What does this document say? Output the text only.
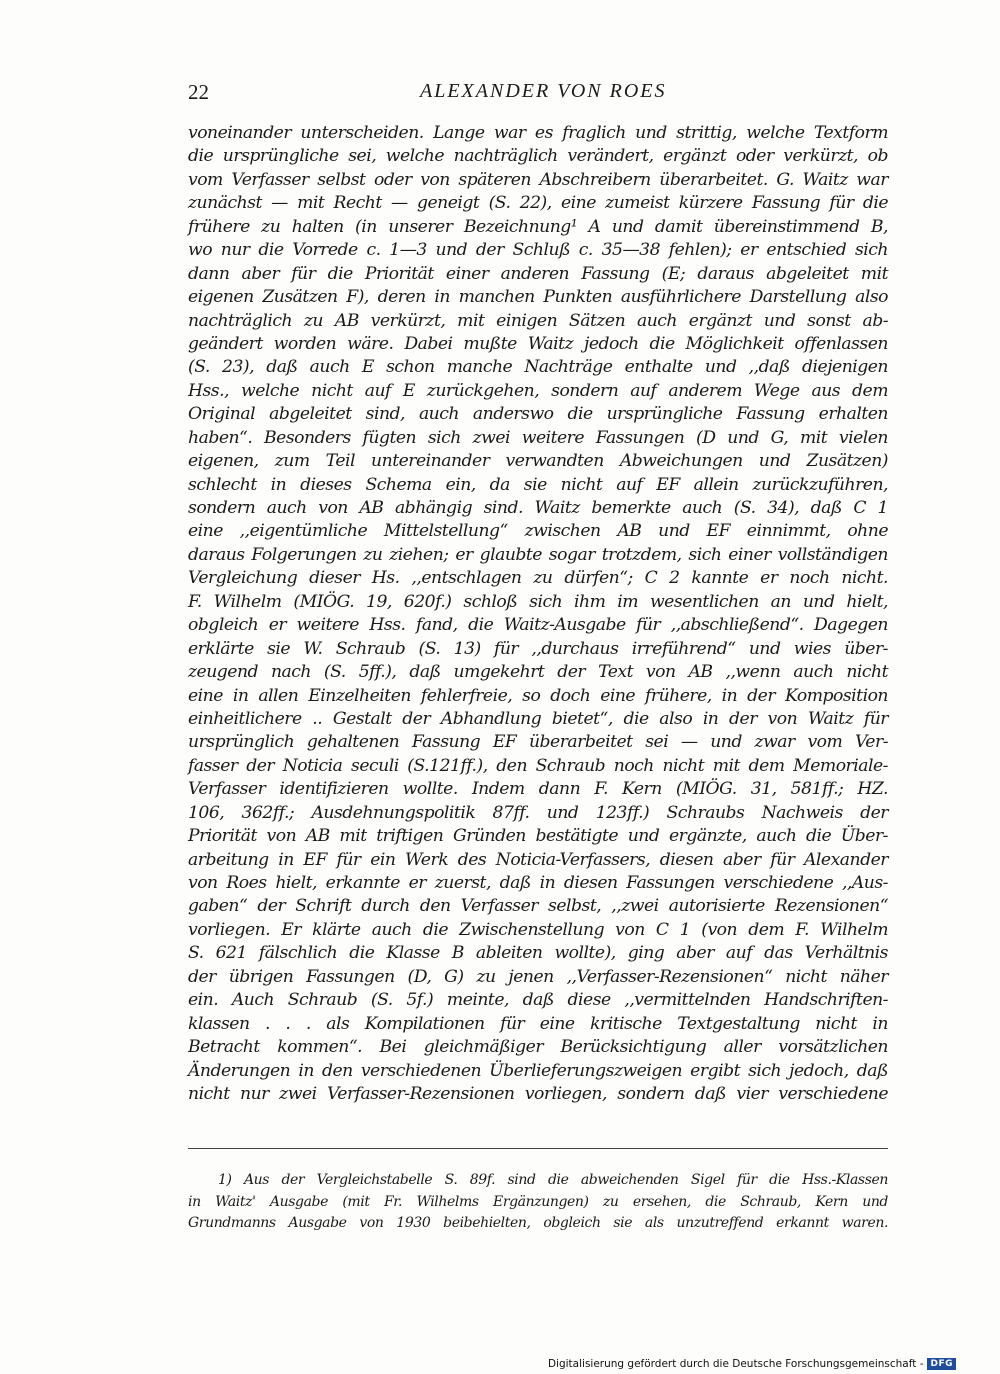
22	ALEXANDER VON ROES
voneinander unterscheiden. Lange war es fraglich und strittig, welche Textform
die ursprüngliche sei, welche nachträglich verändert, ergänzt oder verkürzt, ob
vom Verfasser selbst oder von späteren Abschreibern überarbeitet. G. Waitz war
zunächst — mit Recht — geneigt (S. 22), eine zumeist kürzere Fassung für die
frühere zu halten (in unserer Bezeichnung¹ A und damit übereinstimmend B,
wo nur die Vorrede c. 1—3 und der Schluß c. 35—38 fehlen); er entschied sich
dann aber für die Priorität einer anderen Fassung (E; daraus abgeleitet mit
eigenen Zusätzen F), deren in manchen Punkten ausführlichere Darstellung also
nachträglich zu AB verkürzt, mit einigen Sätzen auch ergänzt und sonst ab-
geändert worden wäre. Dabei mußte Waitz jedoch die Möglichkeit offenlassen
(S. 23), daß auch E schon manche Nachträge enthalte und ,,daß diejenigen
Hss., welche nicht auf E zurückgehen, sondern auf anderem Wege aus dem
Original abgeleitet sind, auch anderswo die ursprüngliche Fassung erhalten
haben“. Besonders fügten sich zwei weitere Fassungen (D und G, mit vielen
eigenen, zum Teil untereinander verwandten Abweichungen und Zusätzen)
schlecht in dieses Schema ein, da sie nicht auf EF allein zurückzuführen,
sondern auch von AB abhängig sind. Waitz bemerkte auch (S. 34), daß C 1
eine ,,eigentümliche Mittelstellung“ zwischen AB und EF einnimmt, ohne
daraus Folgerungen zu ziehen; er glaubte sogar trotzdem, sich einer vollständigen
Vergleichung dieser Hs. ,,entschlagen zu dürfen“; C 2 kannte er noch nicht.
F. Wilhelm (MIÖG. 19, 620f.) schloß sich ihm im wesentlichen an und hielt,
obgleich er weitere Hss. fand, die Waitz-Ausgabe für ,,abschließend“. Dagegen
erklärte sie W. Schraub (S. 13) für ,,durchaus irreführend“ und wies über-
zeugend nach (S. 5ff.), daß umgekehrt der Text von AB ,,wenn auch nicht
eine in allen Einzelheiten fehlerfreie, so doch eine frühere, in der Komposition
einheitlichere .. Gestalt der Abhandlung bietet“, die also in der von Waitz für
ursprünglich gehaltenen Fassung EF überarbeitet sei — und zwar vom Ver-
fasser der Noticia seculi (S.121ff.), den Schraub noch nicht mit dem Memoriale-
Verfasser identifizieren wollte. Indem dann F. Kern (MIÖG. 31, 581ff.; HZ.
106, 362ff.; Ausdehnungspolitik 87ff. und 123ff.) Schraubs Nachweis der
Priorität von AB mit triftigen Gründen bestätigte und ergänzte, auch die Über-
arbeitung in EF für ein Werk des Noticia-Verfassers, diesen aber für Alexander
von Roes hielt, erkannte er zuerst, daß in diesen Fassungen verschiedene ,,Aus-
gaben“ der Schrift durch den Verfasser selbst, ,,zwei autorisierte Rezensionen“
vorliegen. Er klärte auch die Zwischenstellung von C 1 (von dem F. Wilhelm
S. 621 fälschlich die Klasse B ableiten wollte), ging aber auf das Verhältnis
der übrigen Fassungen (D, G) zu jenen ,,Verfasser-Rezensionen“ nicht näher
ein. Auch Schraub (S. 5f.) meinte, daß diese ,,vermittelnden Handschriften-
klassen . . . als Kompilationen für eine kritische Textgestaltung nicht in
Betracht kommen“. Bei gleichmäßiger Berücksichtigung aller vorsätzlichen
Änderungen in den verschiedenen Überlieferungszweigen ergibt sich jedoch, daß
nicht nur zwei Verfasser-Rezensionen vorliegen, sondern daß vier verschiedene
1) Aus der Vergleichstabelle S. 89f. sind die abweichenden Sigel für die Hss.-Klassen
in Waitz' Ausgabe (mit Fr. Wilhelms Ergänzungen) zu ersehen, die Schraub, Kern und
Grundmanns Ausgabe von 1930 beibehielten, obgleich sie als unzutreffend erkannt waren.
Digitalisierung gefördert durch die Deutsche Forschungsgemeinschaft - DFG
